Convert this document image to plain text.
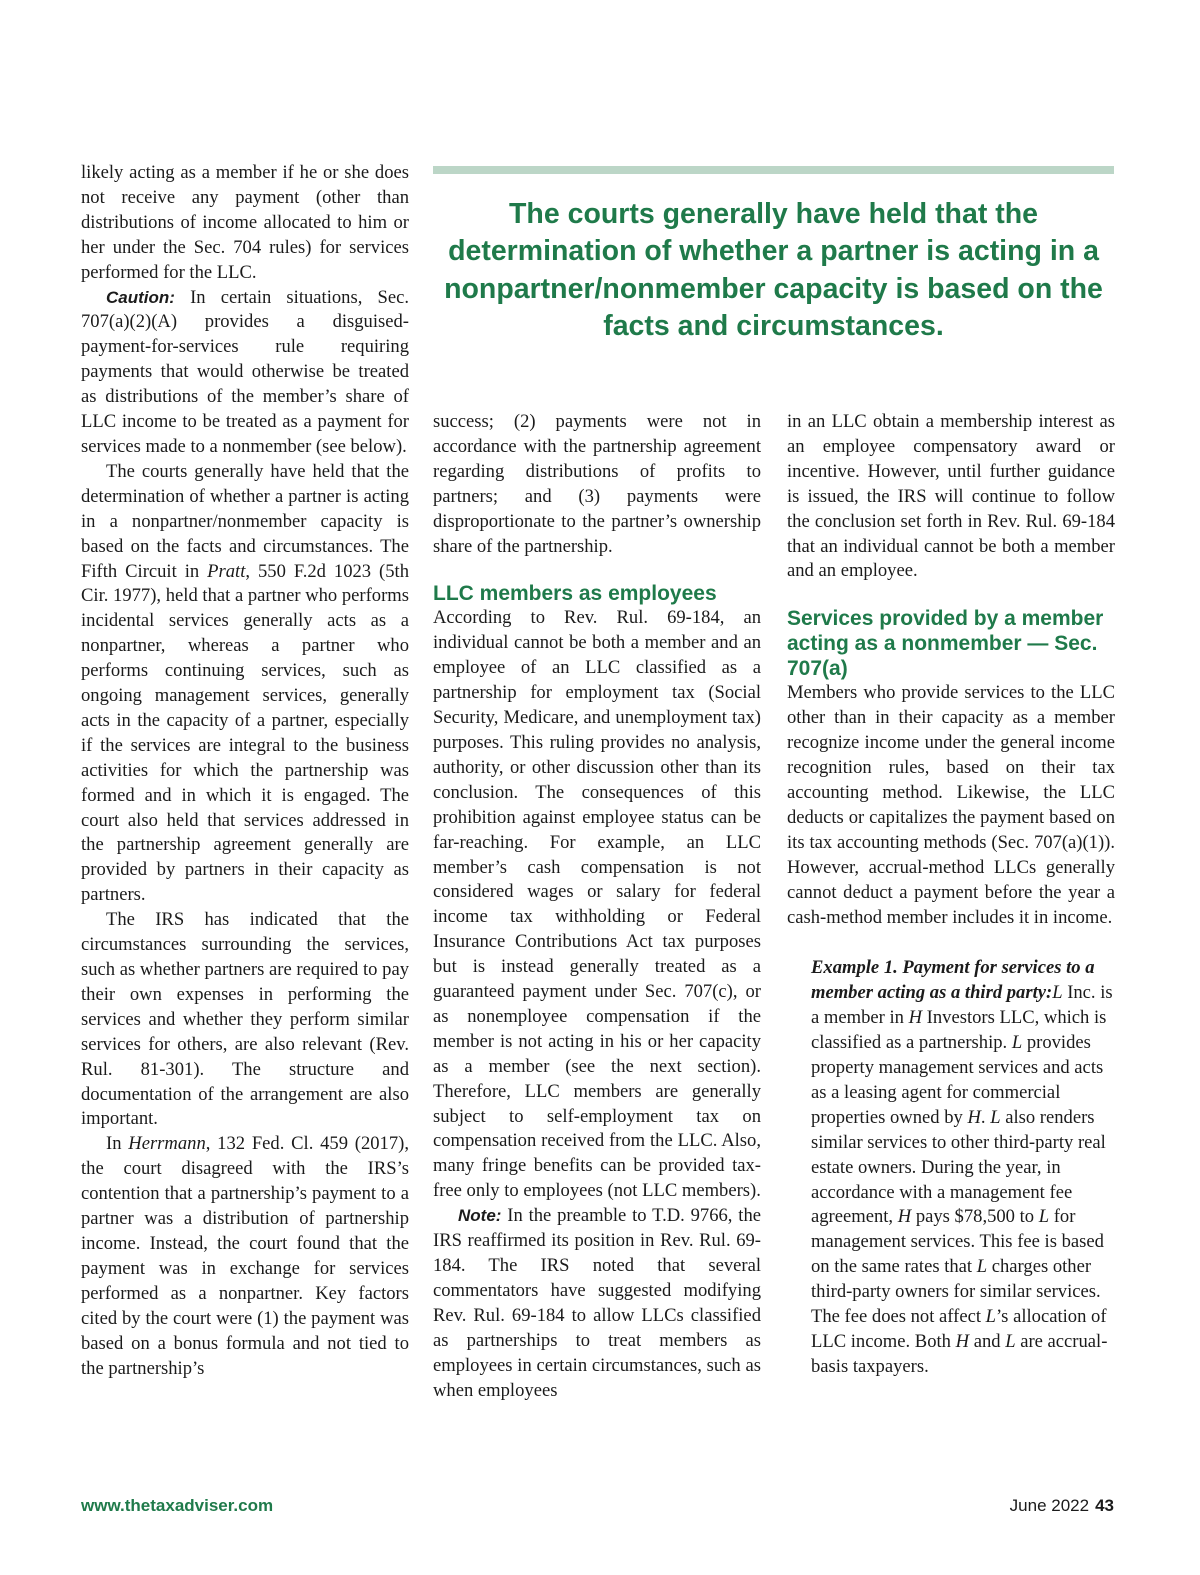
The courts generally have held that the determination of whether a partner is acting in a nonpartner/nonmember capacity is based on the facts and circumstances.

likely acting as a member if he or she does not receive any payment (other than distributions of income allocated to him or her under the Sec. 704 rules) for services performed for the LLC.

Caution: In certain situations, Sec. 707(a)(2)(A) provides a disguised-payment-for-services rule requiring payments that would otherwise be treated as distributions of the member’s share of LLC income to be treated as a payment for services made to a nonmember (see below).

The courts generally have held that the determination of whether a partner is acting in a nonpartner/nonmember capacity is based on the facts and circumstances. The Fifth Circuit in Pratt, 550 F.2d 1023 (5th Cir. 1977), held that a partner who performs incidental services generally acts as a nonpartner, whereas a partner who performs continuing services, such as ongoing management services, generally acts in the capacity of a partner, especially if the services are integral to the business activities for which the partnership was formed and in which it is engaged. The court also held that services addressed in the partnership agreement generally are provided by partners in their capacity as partners.

The IRS has indicated that the circumstances surrounding the services, such as whether partners are required to pay their own expenses in performing the services and whether they perform similar services for others, are also relevant (Rev. Rul. 81-301). The structure and documentation of the arrangement are also important.

In Herrmann, 132 Fed. Cl. 459 (2017), the court disagreed with the IRS’s contention that a partnership’s payment to a partner was a distribution of partnership income. Instead, the court found that the payment was in exchange for services performed as a nonpartner. Key factors cited by the court were (1) the payment was based on a bonus formula and not tied to the partnership’s

success; (2) payments were not in accordance with the partnership agreement regarding distributions of profits to partners; and (3) payments were disproportionate to the partner’s ownership share of the partnership.

LLC members as employees

According to Rev. Rul. 69-184, an individual cannot be both a member and an employee of an LLC classified as a partnership for employment tax (Social Security, Medicare, and unemployment tax) purposes. This ruling provides no analysis, authority, or other discussion other than its conclusion. The consequences of this prohibition against employee status can be far-reaching. For example, an LLC member’s cash compensation is not considered wages or salary for federal income tax withholding or Federal Insurance Contributions Act tax purposes but is instead generally treated as a guaranteed payment under Sec. 707(c), or as nonemployee compensation if the member is not acting in his or her capacity as a member (see the next section). Therefore, LLC members are generally subject to self-employment tax on compensation received from the LLC. Also, many fringe benefits can be provided tax-free only to employees (not LLC members).

Note: In the preamble to T.D. 9766, the IRS reaffirmed its position in Rev. Rul. 69-184. The IRS noted that several commentators have suggested modifying Rev. Rul. 69-184 to allow LLCs classified as partnerships to treat members as employees in certain circumstances, such as when employees

in an LLC obtain a membership interest as an employee compensatory award or incentive. However, until further guidance is issued, the IRS will continue to follow the conclusion set forth in Rev. Rul. 69-184 that an individual cannot be both a member and an employee.

Services provided by a member acting as a nonmember — Sec. 707(a)

Members who provide services to the LLC other than in their capacity as a member recognize income under the general income recognition rules, based on their tax accounting method. Likewise, the LLC deducts or capitalizes the payment based on its tax accounting methods (Sec. 707(a)(1)). However, accrual-method LLCs generally cannot deduct a payment before the year a cash-method member includes it in income.

Example 1. Payment for services to a member acting as a third party:L Inc. is a member in H Investors LLC, which is classified as a partnership. L provides property management services and acts as a leasing agent for commercial properties owned by H. L also renders similar services to other third-party real estate owners. During the year, in accordance with a management fee agreement, H pays $78,500 to L for management services. This fee is based on the same rates that L charges other third-party owners for similar services. The fee does not affect L’s allocation of LLC income. Both H and L are accrual-basis taxpayers.

www.thetaxadviser.com	June 2022 43
